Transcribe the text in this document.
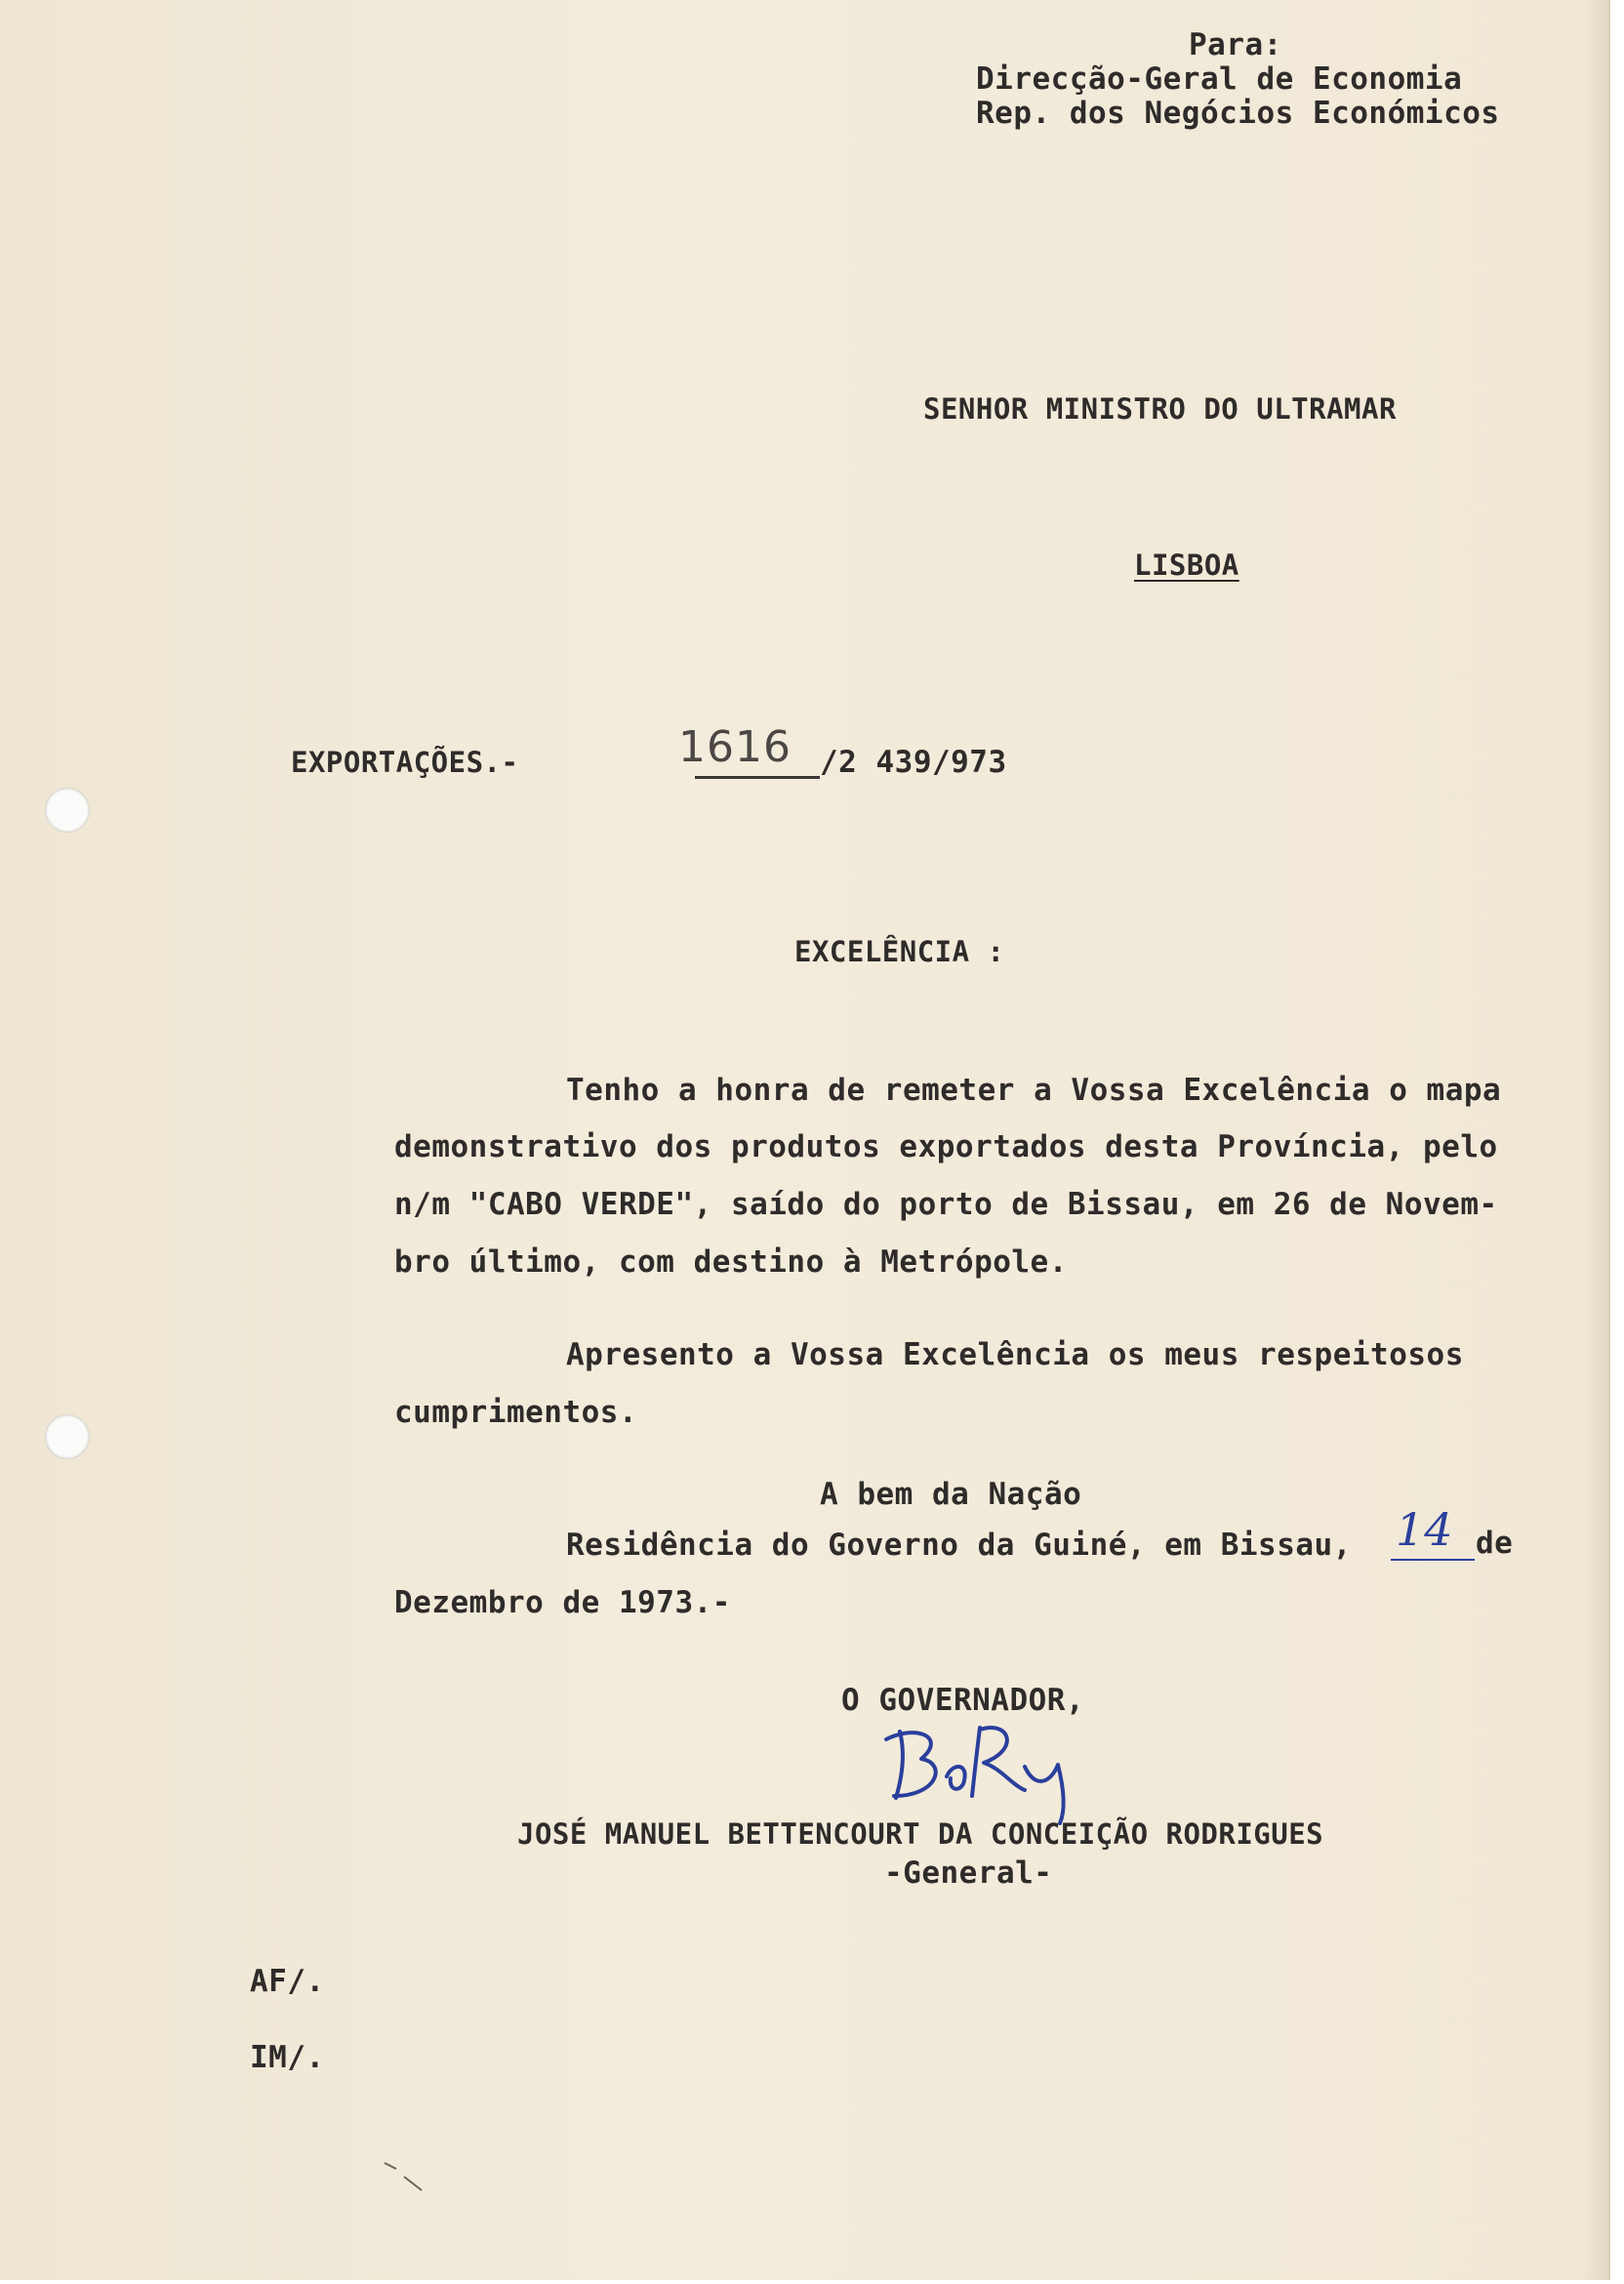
Para:
Direcção-Geral de Economia
Rep. dos Negócios Económicos
SENHOR MINISTRO DO ULTRAMAR
LISBOA
EXPORTAÇÕES.-	1616 /2 439/973
EXCELÊNCIA :
Tenho a honra de remeter a Vossa Excelência o mapa
demonstrativo dos produtos exportados desta Província, pelo
n/m "CABO VERDE", saído do porto de Bissau, em 26 de Novem-
bro último, com destino à Metrópole.
Apresento a Vossa Excelência os meus respeitosos
cumprimentos.
A bem da Nação
Residência do Governo da Guiné, em Bissau, 14 de
Dezembro de 1973.-
O GOVERNADOR,
JOSÉ MANUEL BETTENCOURT DA CONCEIÇÃO RODRIGUES
-General-
AF/.
IM/.
